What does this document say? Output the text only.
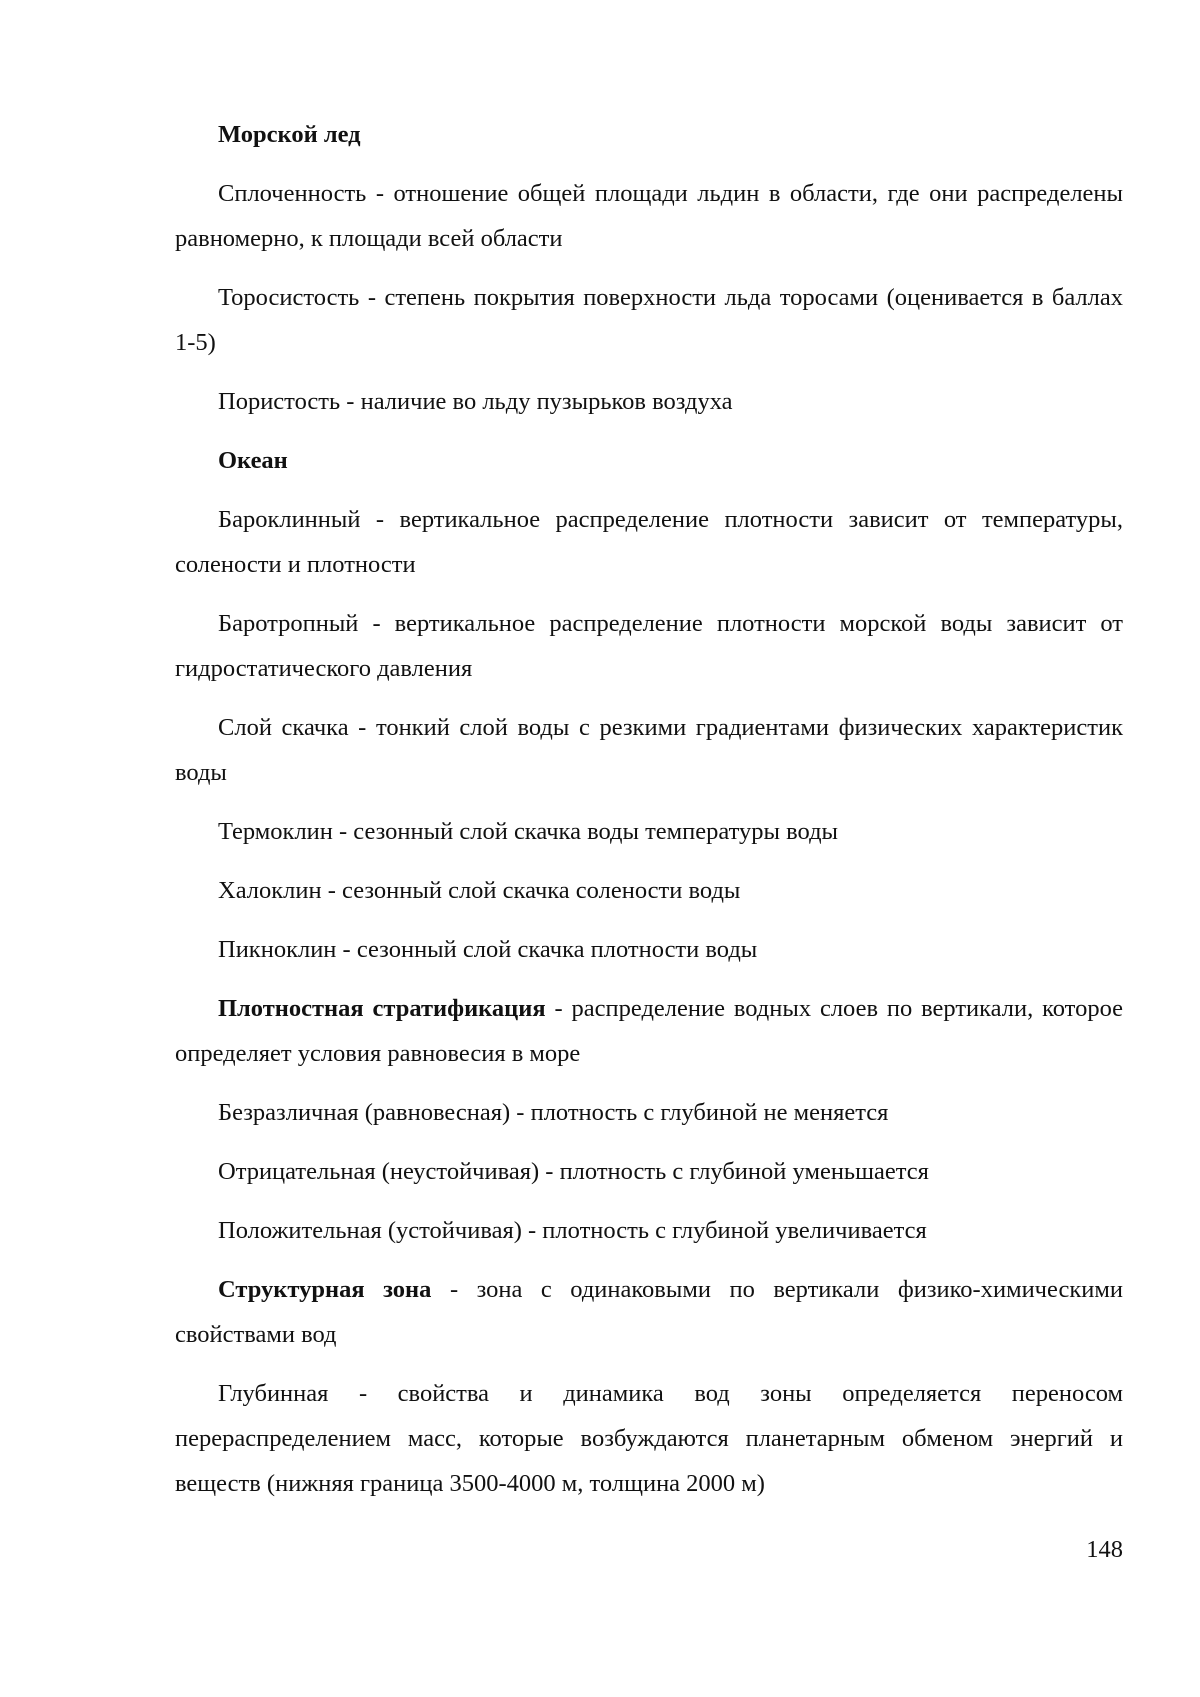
Морской лед

Сплоченность - отношение общей площади льдин в области, где они распределены равномерно, к площади всей области

Торосистость - степень покрытия поверхности льда торосами (оценивается в баллах 1-5)

Пористость - наличие во льду пузырьков воздуха

Океан

Бароклинный - вертикальное распределение плотности зависит от температуры, солености и плотности

Баротропный - вертикальное распределение плотности морской воды зависит от гидростатического давления

Слой скачка - тонкий слой воды с резкими градиентами физических характеристик воды

Термоклин - сезонный слой скачка воды температуры воды

Халоклин - сезонный слой скачка солености воды

Пикноклин - сезонный слой скачка плотности воды

Плотностная стратификация - распределение водных слоев по вертикали, которое определяет условия равновесия в море

Безразличная (равновесная) - плотность с глубиной не меняется

Отрицательная (неустойчивая) - плотность с глубиной уменьшается

Положительная (устойчивая) - плотность с глубиной увеличивается

Структурная зона - зона с одинаковыми по вертикали физико-химическими свойствами вод

Глубинная - свойства и динамика вод зоны определяется переносом перераспределением масс, которые возбуждаются планетарным обменом энергий и веществ (нижняя граница 3500-4000 м, толщина 2000 м)

148
